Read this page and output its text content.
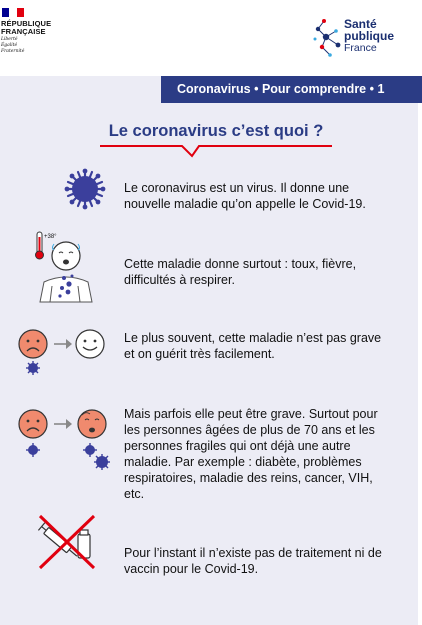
RÉPUBLIQUE
FRANÇAISE
Liberté
Égalité
Fraternité
Santé
publique
France
Coronavirus • Pour comprendre • 1
Le coronavirus c’est quoi ?
Le coronavirus est un virus. Il donne une nouvelle maladie qu’on appelle le Covid-19.
+38°
Cette maladie donne surtout : toux, fièvre, difficultés à respirer.
Le plus souvent, cette maladie n’est pas grave et on guérit très facilement.
Mais parfois elle peut être grave. Surtout pour les personnes âgées de plus de 70 ans et les personnes fragiles qui ont déjà une autre maladie. Par exemple : diabète, problèmes respiratoires, maladie des reins, cancer, VIH, etc.
Pour l’instant il n’existe pas de traitement ni de vaccin pour le Covid-19.
